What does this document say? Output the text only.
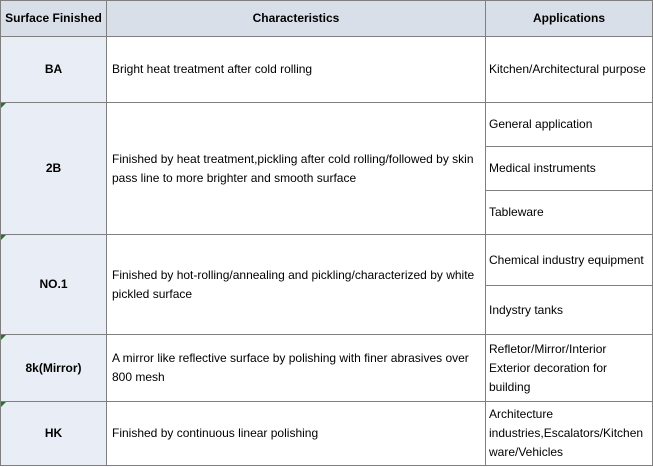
Surface Finished	Characteristics	Applications
BA	Bright heat treatment after cold rolling	Kitchen/Architectural purpose

2B	Finished by heat treatment,pickling after cold rolling/followed by skin pass line to more brighter and smooth surface	General application
		Medical instruments
		Tableware

NO.1	Finished by hot-rolling/annealing and pickling/characterized by white pickled surface	Chemical industry equipment
		Indystry tanks

8k(Mirror)	A mirror like reflective surface by polishing with finer abrasives over 800 mesh	Refletor/Mirror/Interior Exterior decoration for building

HK	Finished by continuous linear polishing	Architecture industries,Escalators/Kitchen ware/Vehicles
